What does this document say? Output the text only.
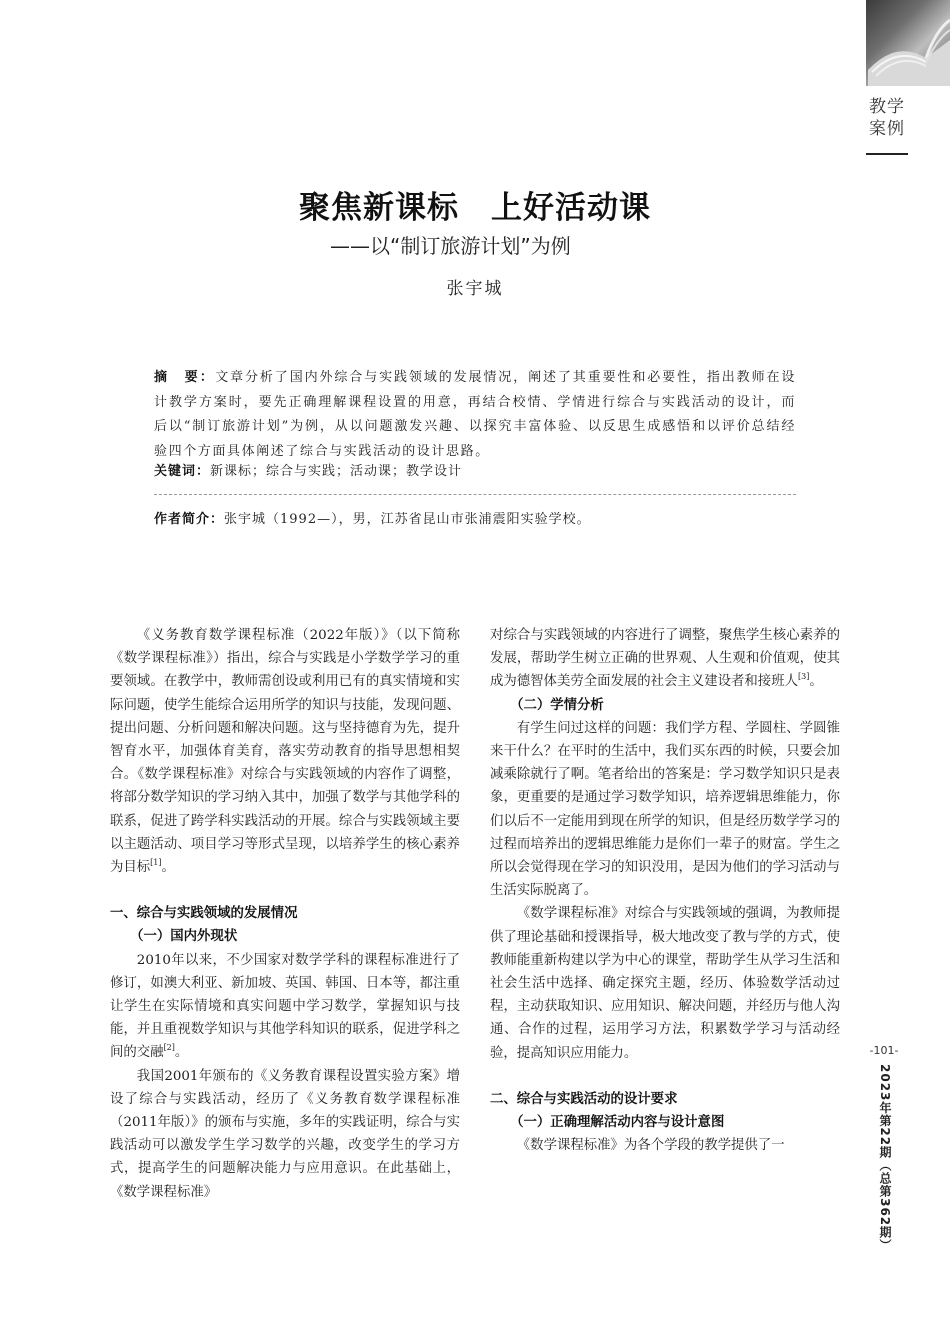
教学案例
聚焦新课标　上好活动课
——以“制订旅游计划”为例
张宇城
摘　要：文章分析了国内外综合与实践领域的发展情况，阐述了其重要性和必要性，指出教师在设计教学方案时，要先正确理解课程设置的用意，再结合校情、学情进行综合与实践活动的设计，而后以“制订旅游计划”为例，从以问题激发兴趣、以探究丰富体验、以反思生成感悟和以评价总结经验四个方面具体阐述了综合与实践活动的设计思路。
关键词：新课标；综合与实践；活动课；教学设计
作者简介：张宇城（1992—），男，江苏省昆山市张浦震阳实验学校。

《义务教育数学课程标准（2022年版）》（以下简称《数学课程标准》）指出，综合与实践是小学数学学习的重要领域。在教学中，教师需创设或利用已有的真实情境和实际问题，使学生能综合运用所学的知识与技能，发现问题、提出问题、分析问题和解决问题。这与坚持德育为先，提升智育水平，加强体育美育，落实劳动教育的指导思想相契合。《数学课程标准》对综合与实践领域的内容作了调整，将部分数学知识的学习纳入其中，加强了数学与其他学科的联系，促进了跨学科实践活动的开展。综合与实践领域主要以主题活动、项目学习等形式呈现，以培养学生的核心素养为目标[1]。

一、综合与实践领域的发展情况

（一）国内外现状

2010年以来，不少国家对数学学科的课程标准进行了修订，如澳大利亚、新加坡、英国、韩国、日本等，都注重让学生在实际情境和真实问题中学习数学，掌握知识与技能，并且重视数学知识与其他学科知识的联系，促进学科之间的交融[2]。

我国2001年颁布的《义务教育课程设置实验方案》增设了综合与实践活动，经历了《义务教育数学课程标准（2011年版）》的颁布与实施，多年的实践证明，综合与实践活动可以激发学生学习数学的兴趣，改变学生的学习方式，提高学生的问题解决能力与应用意识。在此基础上，《数学课程标准》

对综合与实践领域的内容进行了调整，聚焦学生核心素养的发展，帮助学生树立正确的世界观、人生观和价值观，使其成为德智体美劳全面发展的社会主义建设者和接班人[3]。

（二）学情分析

有学生问过这样的问题：我们学方程、学圆柱、学圆锥来干什么？在平时的生活中，我们买东西的时候，只要会加减乘除就行了啊。笔者给出的答案是：学习数学知识只是表象，更重要的是通过学习数学知识，培养逻辑思维能力，你们以后不一定能用到现在所学的知识，但是经历数学学习的过程而培养出的逻辑思维能力是你们一辈子的财富。学生之所以会觉得现在学习的知识没用，是因为他们的学习活动与生活实际脱离了。

《数学课程标准》对综合与实践领域的强调，为教师提供了理论基础和授课指导，极大地改变了教与学的方式，使教师能重新构建以学为中心的课堂，帮助学生从学习生活和社会生活中选择、确定探究主题，经历、体验数学活动过程，主动获取知识、应用知识、解决问题，并经历与他人沟通、合作的过程，运用学习方法，积累数学学习与活动经验，提高知识应用能力。

二、综合与实践活动的设计要求

（一）正确理解活动内容与设计意图

《数学课程标准》为各个学段的教学提供了一

-101-
2023年第22期（总第362期）
